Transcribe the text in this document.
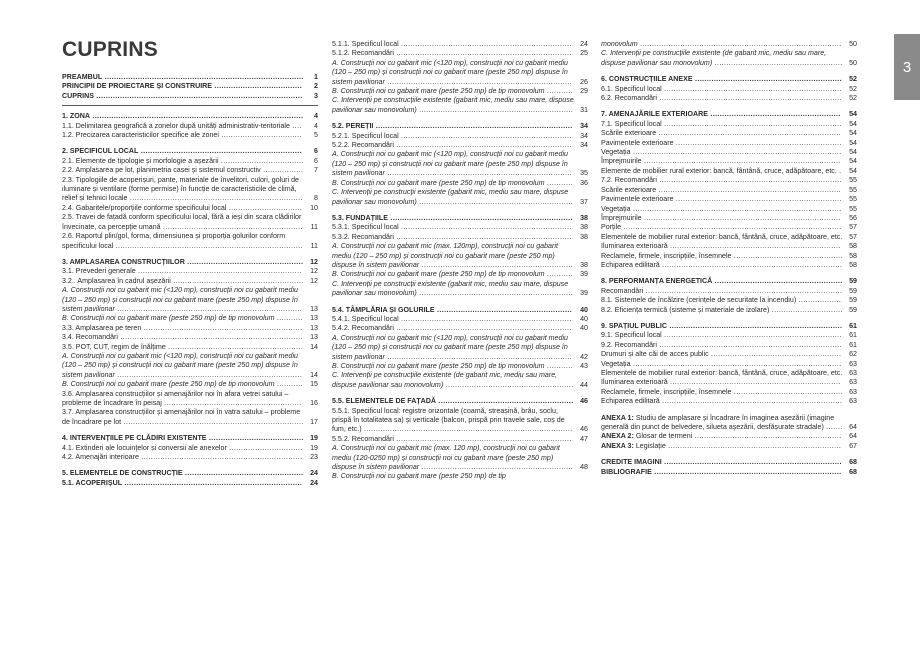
CUPRINS
PREAMBUL ....................................................................................	1
PRINCIPII DE PROIECTARE ȘI CONSTRUIRE .....................................	2
CUPRINS .......................................................................................	3
1. ZONA .........................................................................................	4
1.1. Delimitarea geografică a zonelor după unități administrativ-teritoriale ....	4
1.2. Precizarea caracteristicilor specifice ale zonei ..................................	5
2. SPECIFICUL LOCAL ....................................................................	6
2.1. Elemente de tipologie și morfologie a așezării ...................................	6
2.2. Amplasarea pe lot, planimetria casei și sistemul constructiv .................	7
2.3. Tipologiile de acoperișuri, pante, materiale de învelitori, culori, goluri de iluminare și ventilare (forme permise) în funcție de caracteristicile de climă, relief și tehnici locale .........................................................................	8
2.4. Gabaritele/proporțiile conforme specificului local ...............................	10
2.5. Travei de fațadă conform specificului local, fără a ieși din scara clădirilor învecinate, ca percepție umană ...........................................................	11
2.6. Raportul plin/gol, forma, dimensiunea și proporția golurilor conform specificului local ...............................................................................	11
3. AMPLASAREA CONSTRUCȚIILOR ................................................. 12
3.1. Prevederi generale .....................................................................	12
3.2.. Amplasarea în cadrul așezării ....................................................... 12
A. Construcții noi cu gabarit mic (<120 mp), construcții noi cu gabarit mediu (120 – 250 mp) și construcții noi cu gabarit mare (peste 250 mp) dispuse în sistem pavilionar ..............................................................................	13
B. Construcții noi cu gabarit mare (peste 250 mp) de tip monovolum ...........	13
3.3. Amplasarea pe teren ...................................................................	13
3.4. Recomandări .............................................................................	13
3.5. POT, CUT, regim de înălțime ......................................................... 14
A. Construcții noi cu gabarit mic (<120 mp), construcții noi cu gabarit mediu (120 – 250 mp) și construcții noi cu gabarit mare (peste 250 mp) dispuse în sistem pavilionar ..............................................................................	14
B. Construcții noi cu gabarit mare (peste 250 mp) de tip monovolum ...........	15
3.6. Amplasarea construcțiilor și amenajărilor noi în afara vetrei satului – probleme de încadrare în peisaj ..........................................................	16
3.7. Amplasarea construcțiilor și amenajărilor noi în vatra satului – probleme de încadrare pe lot ............................................................................ 17
4. INTERVENȚIILE PE CLĂDIRI EXISTENTE ........................................ 19
4.1. Extinderi ale locuințelor și conversii ale anexelor ...............................	19
4.2. Amenajări interioare ....................................................................	23
5. ELEMENTELE DE CONSTRUCȚIE .................................................. 24
5.1. ACOPERIȘUL ...........................................................................	24
5.1.1. Specificul local ........................................................................	24
5.1.2. Recomandări ..........................................................................	25
A. Construcții noi cu gabarit mic (<120 mp), construcții noi cu gabarit mediu (120 – 250 mp) și construcții noi cu gabarit mare (peste 250 mp) dispuse în sistem pavilionar ..............................................................................	26
B. Construcții noi cu gabarit mare (peste 250 mp) de tip monovolum ...........	29
C. Intervenții pe construcțiile existente (gabarit mic, mediu sau mare, dispuse pavilionar sau monovolum) ................................................................. 31
5.2. PEREȚII ...................................................................................	34
5.2.1. Specificul local ........................................................................	34
5.2.2. Recomandări ..........................................................................	34
A. Construcții noi cu gabarit mic (<120 mp), construcții noi cu gabarit mediu (120 – 250 mp) și construcții noi cu gabarit mare (peste 250 mp) dispuse în sistem pavilionar ..............................................................................	35
B. Construcții noi cu gabarit mare (peste 250 mp) de tip monovolum ...........	36
C. Intervenții pe construcții existente (gabarit mic, mediu sau mare, dispuse pavilionar sau monovolum) ................................................................. 37
5.3. FUNDAȚIILE .............................................................................	38
5.3.1. Specificul local ........................................................................	38
5.3.2. Recomandări ..........................................................................	38
A. Construcții noi cu gabarit mic (max. 120mp), construcții noi cu gabarit mediu (120 – 250 mp) și construcții noi cu gabarit mare (peste 250 mp) dispuse în sistem pavilionar ................................................................ 38
B. Construcții noi cu gabarit mare (peste 250 mp) de tip monovolum ...........	39
C. Intervenții pe construcții existente (gabarit mic, mediu sau mare, dispuse pavilionar sau monovolum) ................................................................. 39
5.4. TÂMPLĂRIA ȘI GOLURILE .........................................................	40
5.4.1. Specificul local ........................................................................	40
5.4.2. Recomandări ..........................................................................	40
A. Construcții noi cu gabarit mic (<120 mp), construcții noi cu gabarit mediu (120 – 250 mp) și construcții noi cu gabarit mare (peste 250 mp) dispuse în sistem pavilionar ..............................................................................	42
B. Construcții noi cu gabarit mare (peste 250 mp) de tip monovolum ...........	43
C. Intervenții pe construcțiile existente (de gabarit mic, mediu sau mare, dispuse pavilionar sau monovolum) ...................................................... 44
5.5. ELEMENTELE DE FAȚADĂ ......................................................... 46
5.5.1. Specificul local: registre orizontale (coamă, streașină, brâu, soclu, prispă în totalitatea sa) și verticale (balcon, prispă prin travele sale, coș de fum, etc.) ........................................................................................	46
5.5.2. Recomandări ..........................................................................	47
A. Construcții noi cu gabarit mic (max. 120 mp), construcții noi cu gabarit mediu (120-0250 mp) și construcții noi cu gabarit mare (peste 250 mp) dispuse în sistem pavilionar ................................................................ 48
B. Construcții noi cu gabarit mare (peste 250 mp) de tip
monovolum .....................................................................................	50
C. Intervenții pe construcțiile existente (de gabarit mic, mediu sau mare, dispuse pavilionar sau monovolum) ...................................................... 50
6. CONSTRUCȚIILE ANEXE ..............................................................	52
6.1. Specificul local ...........................................................................	52
6.2. Recomandări .............................................................................	52
7. AMENAJĂRILE EXTERIOARE .......................................................	54
7.1. Specificul local ...........................................................................	54
Scările exterioare .............................................................................	54
Pavimentele exterioare ......................................................................	54
Vegetația ........................................................................................	54
Împrejmuirile ...................................................................................	54
Elemente de mobilier rural exterior: bancă, fântână, cruce, adăpătoare, etc. .	54
7.2. Recomandări .............................................................................	55
Scările exterioare .............................................................................	55
Pavimentele exterioare ......................................................................	55
Vegetația ........................................................................................	55
Împrejmuirile ...................................................................................	56
Porțile ............................................................................................	57
Elementele de mobilier rural exterior: bancă, fântână, cruce, adăpătoare, etc. 57
Iluminarea exterioară ........................................................................	58
Reclamele, firmele, inscripțiile, însemnele .............................................. 58
Echiparea edilitară ............................................................................ 58
8. PERFORMANȚA ENERGETICĂ ...................................................... 59
Recomandări ................................................................................... 59
8.1. Sistemele de încălzire (cerințele de securitate la incendiu) ..................	59
8.2. Eficiența termică (sisteme și materiale de izolare) .............................. 59
9. SPAȚIUL PUBLIC ......................................................................... 61
9.1. Specificul local ...........................................................................	61
9.2. Recomandări .............................................................................	61
Drumuri și alte căi de acces public .......................................................	62
Vegetația ........................................................................................	63
Elementele de mobilier rural exterior: bancă, fântână, cruce, adăpătoare, etc. 63
Iluminarea exterioară ........................................................................	63
Reclamele, firmele, inscripțiile, însemnele .............................................. 63
Echiparea edilitară ............................................................................ 63
ANEXA 1: Studiu de amplasare și încadrare în imaginea așezării (imagine generală din punct de belvedere, silueta așezării, desfășurate stradale) ....... 64
ANEXA 2: Glosar de termeni ..............................................................	64
ANEXA 3: Legislație .........................................................................	67
CREDITE IMAGINI ...........................................................................	68
BIBLIOGRAFIE ...............................................................................	68
3
